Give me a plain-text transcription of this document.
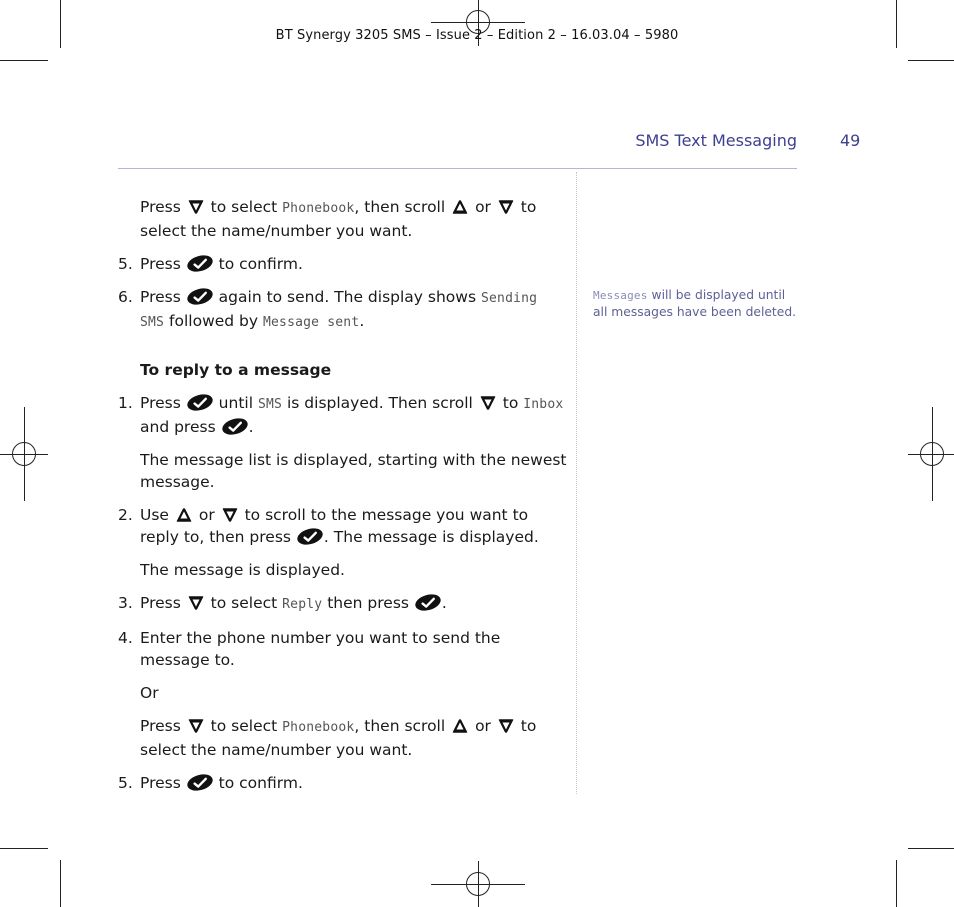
BT Synergy 3205 SMS – Issue 2 – Edition 2 – 16.03.04 – 5980
SMS Text Messaging	49

Press to select Phonebook, then scroll or to select the name/number you want.

5. Press to confirm.

6. Press again to send. The display shows Sending SMS followed by Message sent.

To reply to a message

1. Press until SMS is displayed. Then scroll to Inbox and press .

The message list is displayed, starting with the newest message.

2. Use or to scroll to the message you want to reply to, then press . The message is displayed.

The message is displayed.

3. Press to select Reply then press .

4. Enter the phone number you want to send the message to.

Or

Press to select Phonebook, then scroll or to select the name/number you want.

5. Press to confirm.

Messages will be displayed until all messages have been deleted.
